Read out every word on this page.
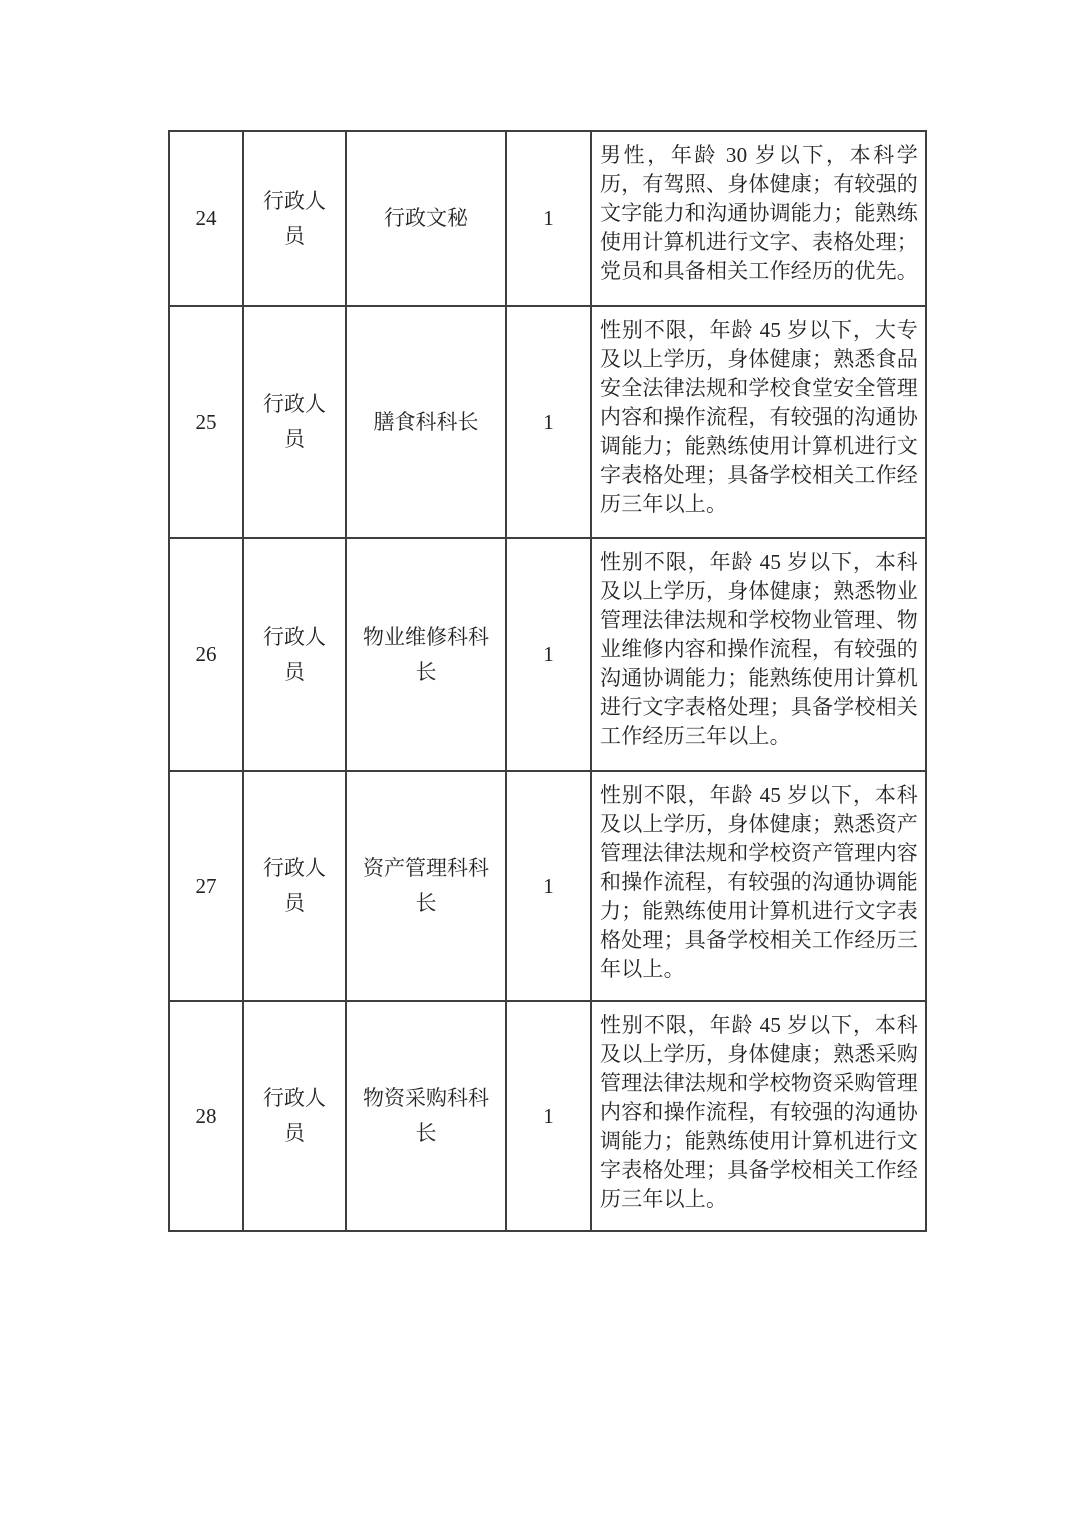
24	行政人员	行政文秘	1	男性，年龄 30 岁以下，本科学历，有驾照、身体健康；有较强的文字能力和沟通协调能力；能熟练使用计算机进行文字、表格处理；党员和具备相关工作经历的优先。
25	行政人员	膳食科科长	1	性别不限，年龄 45 岁以下，大专及以上学历，身体健康；熟悉食品安全法律法规和学校食堂安全管理内容和操作流程，有较强的沟通协调能力；能熟练使用计算机进行文字表格处理；具备学校相关工作经历三年以上。
26	行政人员	物业维修科科长	1	性别不限，年龄 45 岁以下，本科及以上学历，身体健康；熟悉物业管理法律法规和学校物业管理、物业维修内容和操作流程，有较强的沟通协调能力；能熟练使用计算机进行文字表格处理；具备学校相关工作经历三年以上。
27	行政人员	资产管理科科长	1	性别不限，年龄 45 岁以下，本科及以上学历，身体健康；熟悉资产管理法律法规和学校资产管理内容和操作流程，有较强的沟通协调能力；能熟练使用计算机进行文字表格处理；具备学校相关工作经历三年以上。
28	行政人员	物资采购科科长	1	性别不限，年龄 45 岁以下，本科及以上学历，身体健康；熟悉采购管理法律法规和学校物资采购管理内容和操作流程，有较强的沟通协调能力；能熟练使用计算机进行文字表格处理；具备学校相关工作经历三年以上。
